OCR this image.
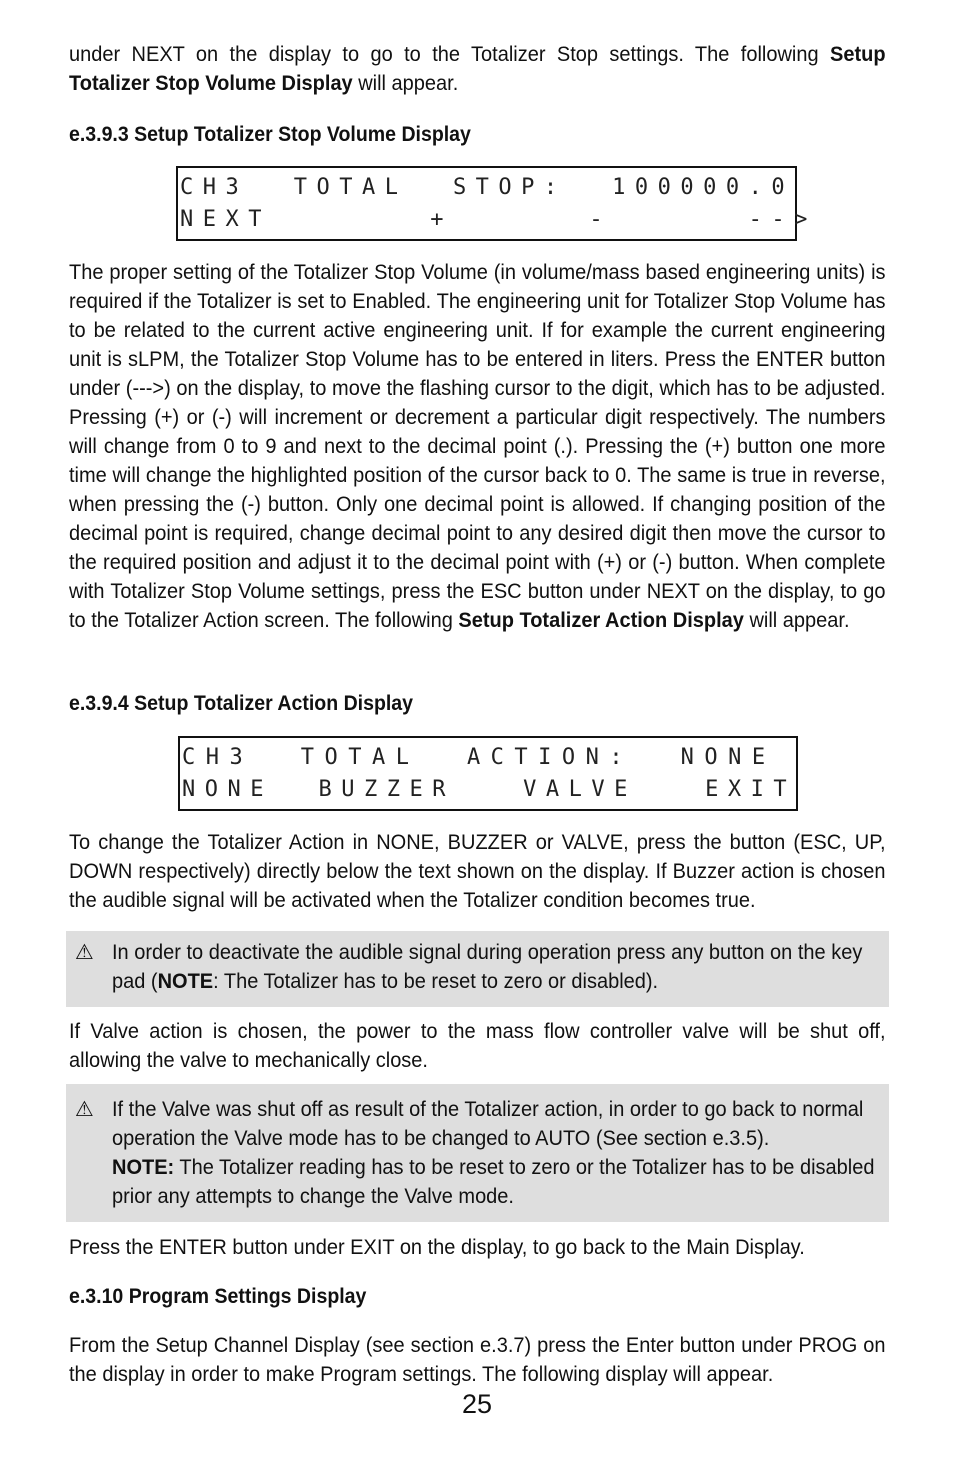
under NEXT on the display to go to the Totalizer Stop settings. The following Setup Totalizer Stop Volume Display will appear.

e.3.9.3 Setup Totalizer Stop Volume Display
CH3  TOTAL  STOP:  100000.0
NEXT       +      -      -->

The proper setting of the Totalizer Stop Volume (in volume/mass based engineering units) is required if the Totalizer is set to Enabled. The engineering unit for Totalizer Stop Volume has to be related to the current active engineering unit. If for example the current engineering unit is sLPM, the Totalizer Stop Volume has to be entered in liters. Press the ENTER button under (--->) on the display, to move the flashing cursor to the digit, which has to be adjusted. Pressing (+) or (-) will increment or decrement a particular digit respectively. The numbers will change from 0 to 9 and next to the decimal point (.). Pressing the (+) button one more time will change the highlighted position of the cursor back to 0. The same is true in reverse, when pressing the (-) button. Only one decimal point is allowed. If changing position of the decimal point is required, change decimal point to any desired digit then move the cursor to the required position and adjust it to the decimal point with (+) or (-) button. When complete with Totalizer Stop Volume settings, press the ESC button under NEXT on the display, to go to the Totalizer Action screen. The following Setup Totalizer Action Display will appear.

e.3.9.4 Setup Totalizer Action Display
CH3  TOTAL  ACTION:  NONE
NONE  BUZZER   VALVE   EXIT

To change the Totalizer Action in NONE, BUZZER or VALVE, press the button (ESC, UP, DOWN respectively) directly below the text shown on the display. If Buzzer action is chosen the audible signal will be activated when the Totalizer condition becomes true.

⚠ In order to deactivate the audible signal during operation press any button on the key pad (NOTE: The Totalizer has to be reset to zero or disabled).

If Valve action is chosen, the power to the mass flow controller valve will be shut off, allowing the valve to mechanically close.

⚠ If the Valve was shut off as result of the Totalizer action, in order to go back to normal operation the Valve mode has to be changed to AUTO (See section e.3.5).
NOTE: The Totalizer reading has to be reset to zero or the Totalizer has to be disabled prior any attempts to change the Valve mode.

Press the ENTER button under EXIT on the display, to go back to the Main Display.

e.3.10 Program Settings Display

From the Setup Channel Display (see section e.3.7) press the Enter button under PROG on the display in order to make Program settings. The following display will appear.

25
